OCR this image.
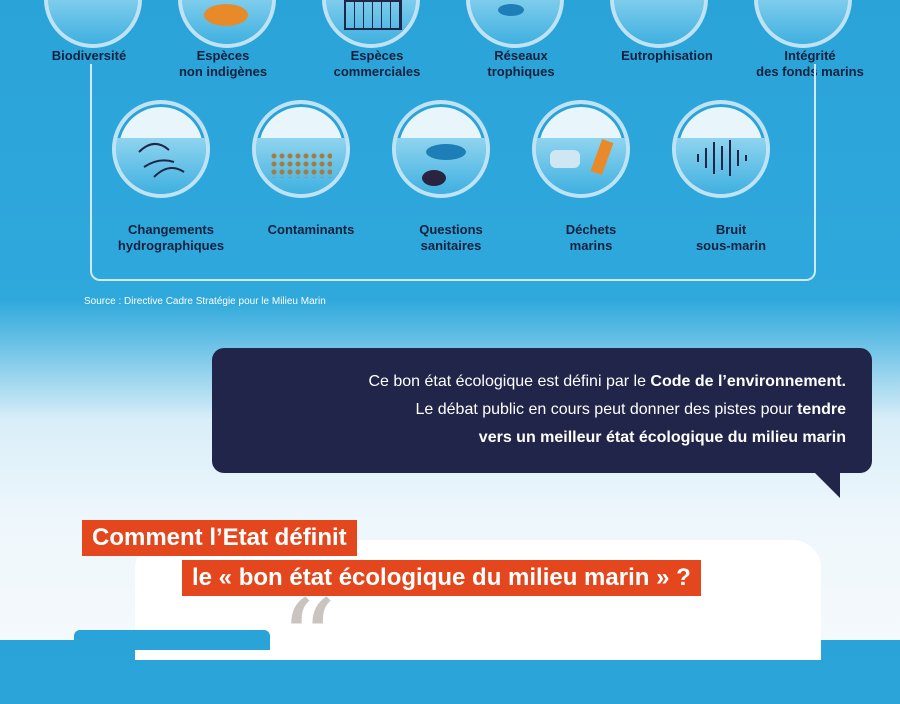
Biodiversité	Espèces
non indigènes
Espèces
commerciales
Réseaux
trophiques
Eutrophisation	Intégrité
des fonds marins
Changements
hydrographiques
Contaminants	Questions
sanitaires
Déchets
marins
Bruit
sous-marin
Source : Directive Cadre Stratégie pour le Milieu Marin
Ce bon état écologique est défini par le Code de l’environnement.
Le débat public en cours peut donner des pistes pour tendre
vers un meilleur état écologique du milieu marin
Comment l’Etat définit
le « bon état écologique du milieu marin » ?
“
